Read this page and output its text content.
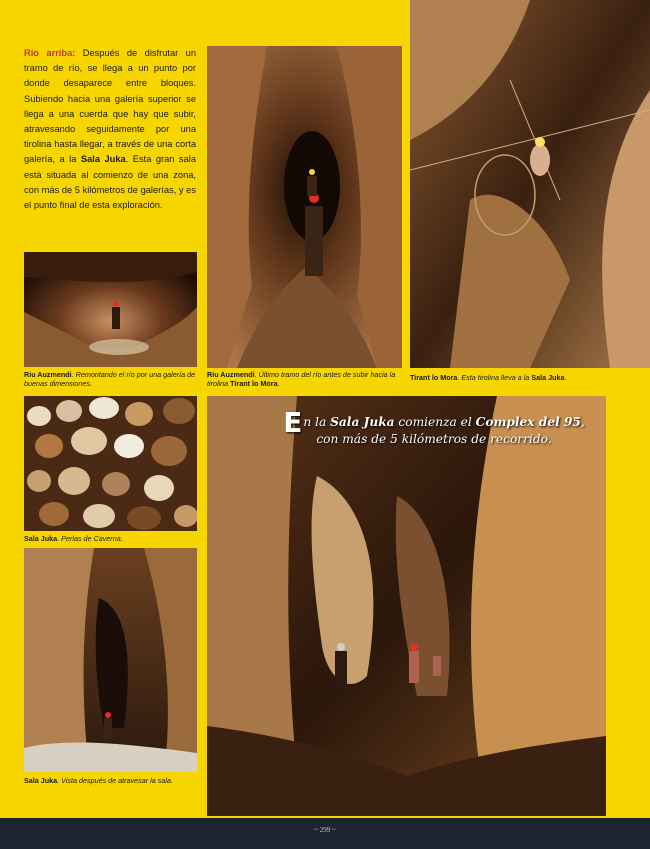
Río arriba: Después de disfrutar un tramo de río, se llega a un punto por donde desaparece entre bloques. Subiendo hacia una galería superior se llega a una cuerda que hay que subir, atravesando seguidamente por una tirolina hasta llegar, a través de una corta galería, a la Sala Juka. Esta gran sala está situada al comienzo de una zona, con más de 5 kilómetros de galerías, y es el punto final de esta exploración.
Riu Auzmendi. Remontando el río por una galería de buenas dimensiones.
Riu Auzmendi. Último tramo del río antes de subir hacia la tirolina Tirant lo Mora.
Tirant lo Mora. Esta tirolina lleva a la Sala Juka.
Sala Juka. Perlas de Caverna.
Sala Juka. Vista después de atravesar la sala.
En la Sala Juka comienza el Complex del 95, con más de 5 kilómetros de recorrido.
~ 299 ~
